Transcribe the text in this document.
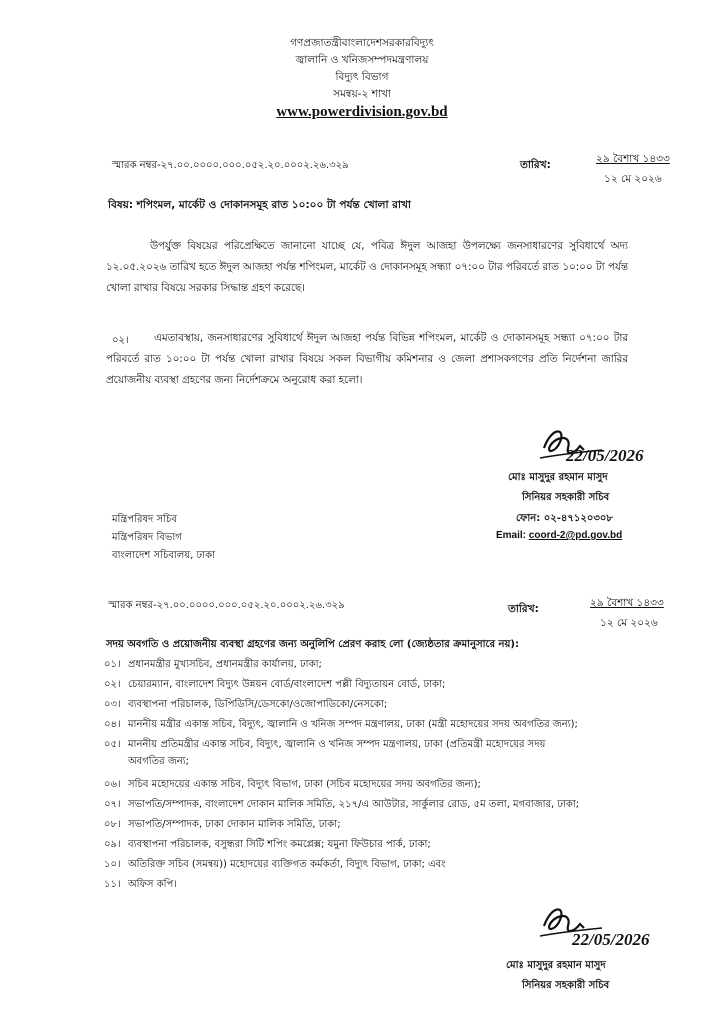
গণপ্রজাতন্ত্রীবাংলাদেশসরকারবিদ্যুৎ
জ্বালানি ও খনিজসম্পদমন্ত্রণালয়
বিদ্যুৎ বিভাগ
সমন্বয়-২ শাখা
www.powerdivision.gov.bd
স্মারক নম্বর-২৭.০০.০০০০.০০০.০৫২.২০.০০০২.২৬.৩২৯	তারিখ:	২৯ বৈশাখ ১৪৩৩
১২ মে ২০২৬
বিষয়: শপিংমল, মার্কেট ও দোকানসমূহ রাত ১০:০০ টা পর্যন্ত খোলা রাখা
উপর্যুক্ত বিষয়ের পরিপ্রেক্ষিতে জানানো যাচ্ছে যে, পবিত্র ঈদুল আজহা উপলক্ষ্যে জনসাধারণের সুবিধার্থে অদ্য ১২.০৫.২০২৬ তারিখ হতে ঈদুল আজহা পর্যন্ত শপিংমল, মার্কেট ও দোকানসমূহ সন্ধ্যা ০৭:০০ টার পরিবর্তে রাত ১০:০০ টা পর্যন্ত খোলা রাখার বিষয়ে সরকার সিদ্ধান্ত গ্রহণ করেছে।
০২।	এমতাবস্থায়, জনসাধারণের সুবিধার্থে ঈদুল আজহা পর্যন্ত বিভিন্ন শপিংমল, মার্কেট ও দোকানসমূহ সন্ধ্যা ০৭:০০ টার পরিবর্তে রাত ১০:০০ টা পর্যন্ত খোলা রাখার বিষয়ে সকল বিভাগীয় কমিশনার ও জেলা প্রশাসকগণের প্রতি নির্দেশনা জারির প্রয়োজনীয় ব্যবস্থা গ্রহণের জন্য নির্দেশক্রমে অনুরোধ করা হলো।
22/05/2026
মোঃ মাসুদুর রহমান মাসুদ
সিনিয়র সহকারী সচিব
ফোন: ০২-৪৭১২০৩০৮
Email: coord-2@pd.gov.bd
মন্ত্রিপরিষদ সচিব
মন্ত্রিপরিষদ বিভাগ
বাংলাদেশ সচিবালয়, ঢাকা
স্মারক নম্বর-২৭.০০.০০০০.০০০.০৫২.২০.০০০২.২৬.৩২৯	তারিখ:	২৯ বৈশাখ ১৪৩৩
১২ মে ২০২৬
সদয় অবগতি ও প্রয়োজনীয় ব্যবস্থা গ্রহণের জন্য অনুলিপি প্রেরণ করাহ লো (জ্যেষ্ঠতার ক্রমানুসারে নয়):
০১। প্রধানমন্ত্রীর মুখ্যসচিব, প্রধানমন্ত্রীর কার্যালয়, ঢাকা;
০২। চেয়ারম্যান, বাংলাদেশ বিদ্যুৎ উন্নয়ন বোর্ড/বাংলাদেশ পল্লী বিদ্যুতায়ন বোর্ড, ঢাকা;
০৩। ব্যবস্থাপনা পরিচালক, ডিপিডিসি/ডেসকো/ওজোপাডিকো/নেসকো;
০৪। মাননীয় মন্ত্রীর একান্ত সচিব, বিদ্যুৎ, জ্বালানি ও খনিজ সম্পদ মন্ত্রণালয়, ঢাকা (মন্ত্রী মহোদয়ের সদয় অবগতির জন্য);
০৫। মাননীয় প্রতিমন্ত্রীর একান্ত সচিব, বিদ্যুৎ, জ্বালানি ও খনিজ সম্পদ মন্ত্রণালয়, ঢাকা (প্রতিমন্ত্রী মহোদয়ের সদয়
অবগতির জন্য;
০৬। সচিব মহোদয়ের একান্ত সচিব, বিদ্যুৎ বিভাগ, ঢাকা (সচিব মহোদয়ের সদয় অবগতির জন্য);
০৭। সভাপতি/সম্পাদক, বাংলাদেশ দোকান মালিক সমিতি, ২১৭/এ আউটার, সার্কুলার রোড, ৫ম তলা, মগবাজার, ঢাকা;
০৮। সভাপতি/সম্পাদক, ঢাকা দোকান মালিক সমিতি, ঢাকা;
০৯। ব্যবস্থাপনা পরিচালক, বসুন্ধরা সিটি শপিং কমপ্লেক্স; যমুনা ফিউচার পার্ক, ঢাকা;
১০। অতিরিক্ত সচিব (সমন্বয়)) মহোদয়ের ব্যক্তিগত কর্মকর্তা, বিদ্যুৎ বিভাগ, ঢাকা; এবং
১১। অফিস কপি।
22/05/2026
মোঃ মাসুদুর রহমান মাসুদ
সিনিয়র সহকারী সচিব
